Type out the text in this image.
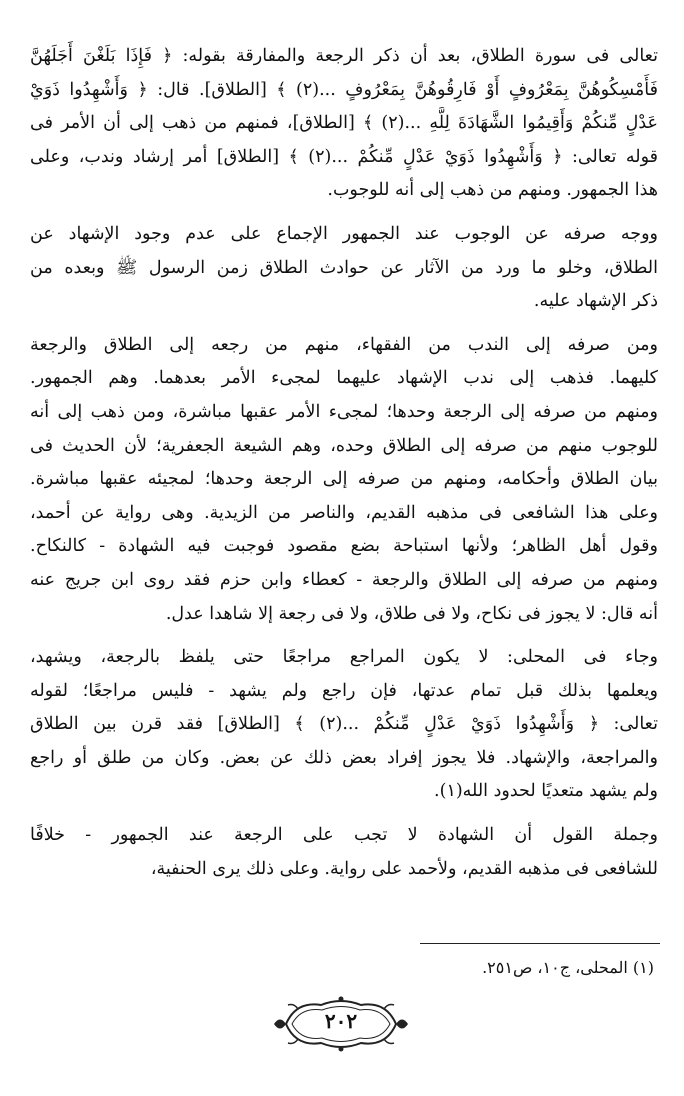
تعالى فى سورة الطلاق، بعد أن ذكر الرجعة والمفارقة بقوله: ﴿ فَإِذَا بَلَغْنَ أَجَلَهُنَّ
فَأَمْسِكُوهُنَّ بِمَعْرُوفٍ أَوْ فَارِقُوهُنَّ بِمَعْرُوفٍ ...(٢) ﴾ [الطلاق]. قال: ﴿ وَأَشْهِدُوا ذَوَيْ
عَدْلٍ مِّنكُمْ وَأَقِيمُوا الشَّهَادَةَ لِلَّهِ ...(٢) ﴾ [الطلاق]، فمنهم من ذهب إلى أن الأمر فى
قوله تعالى: ﴿ وَأَشْهِدُوا ذَوَيْ عَدْلٍ مِّنكُمْ ...(٢) ﴾ [الطلاق] أمر إرشاد وندب، وعلى
هذا الجمهور. ومنهم من ذهب إلى أنه للوجوب.
ووجه صرفه عن الوجوب عند الجمهور الإجماع على عدم وجود الإشهاد عن
الطلاق، وخلو ما ورد من الآثار عن حوادث الطلاق زمن الرسول ﷺ وبعده من
ذكر الإشهاد عليه.
ومن صرفه إلى الندب من الفقهاء، منهم من رجعه إلى الطلاق والرجعة
كليهما. فذهب إلى ندب الإشهاد عليهما لمجىء الأمر بعدهما. وهم الجمهور.
ومنهم من صرفه إلى الرجعة وحدها؛ لمجىء الأمر عقبها مباشرة، ومن ذهب إلى أنه
للوجوب منهم من صرفه إلى الطلاق وحده، وهم الشيعة الجعفرية؛ لأن الحديث فى
بيان الطلاق وأحكامه، ومنهم من صرفه إلى الرجعة وحدها؛ لمجيئه عقبها مباشرة.
وعلى هذا الشافعى فى مذهبه القديم، والناصر من الزيدية. وهى رواية عن أحمد،
وقول أهل الظاهر؛ ولأنها استباحة بضع مقصود فوجبت فيه الشهادة - كالنكاح.
ومنهم من صرفه إلى الطلاق والرجعة - كعطاء وابن حزم فقد روى ابن جريج عنه
أنه قال: لا يجوز فى نكاح، ولا فى طلاق، ولا فى رجعة إلا شاهدا عدل.
وجاء فى المحلى: لا يكون المراجع مراجعًا حتى يلفظ بالرجعة، ويشهد،
ويعلمها بذلك قبل تمام عدتها، فإن راجع ولم يشهد - فليس مراجعًا؛ لقوله
تعالى: ﴿ وَأَشْهِدُوا ذَوَيْ عَدْلٍ مِّنكُمْ ...(٢) ﴾ [الطلاق] فقد قرن بين الطلاق
والمراجعة، والإشهاد. فلا يجوز إفراد بعض ذلك عن بعض. وكان من طلق أو راجع
ولم يشهد متعديًا لحدود الله(١).
وجملة القول أن الشهادة لا تجب على الرجعة عند الجمهور - خلافًا
للشافعى فى مذهبه القديم، ولأحمد على رواية. وعلى ذلك يرى الحنفية،
(١) المحلى، ج١٠، ص٢٥١.
٢٠٢
